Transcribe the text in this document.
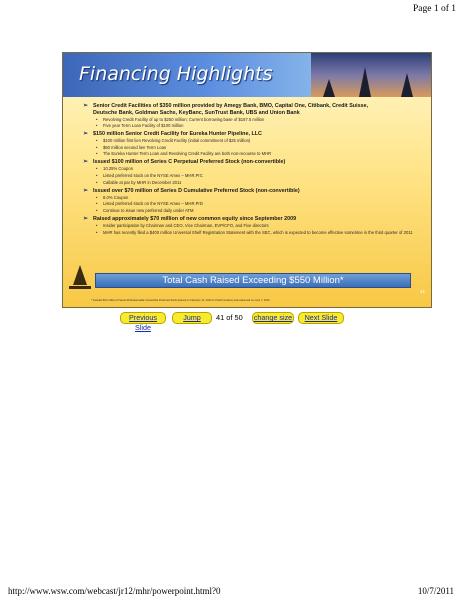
Page 1 of 1
Financing Highlights
➢ Senior Credit Facilities of $350 million provided by Amegy Bank, BMO, Capital One, Citibank, Credit Suisse,
Deutsche Bank, Goldman Sachs, KeyBanc, SunTrust Bank, UBS and Union Bank
• Revolving Credit Facility of up to $250 million; Current borrowing base of $167.5 million
• Five year Term Loan Facility of $100 million
➢ $150 million Senior Credit Facility for Eureka Hunter Pipeline, LLC
• $100 million first lien Revolving Credit Facility (initial commitment of $25 million)
• $50 million second lien Term Loan
• The Eureka Hunter Term Loan and Revolving Credit Facility are both non-recourse to MHR
➢ Issued $100 million of Series C Perpetual Preferred Stock (non-convertible)
• 10.25% Coupon
• Listed preferred stock on the NYSE Amex – MHR.PrC
• Callable at par by MHR in December 2011
➢ Issued over $70 million of Series D Cumulative Preferred Stock (non-convertible)
• 8.0% Coupon
• Listed preferred stock on the NYSE Amex – MHR.PrD
• Continue to issue new preferred daily under ATM
➢ Raised approximately $70 million of new common equity since September 2009
• Insider participation by Chairman and CEO, Vice Chairman, EVP/CFO, and Five directors
• MHR has recently filed a $400 million Universal Shelf Registration Statement with the SEC, which is expected to become effective sometime in the third quarter of 2011
Total Cash Raised Exceeding $550 Million*
41
* Includes $10 million of Series B Redeemable Convertible Preferred Stock (issued on February 12, 2010 to Triad's lenders) and redeemed on June 7, 2010
Previous Slide
Jump	41 of 50 change size	Next Slide
http://www.wsw.com/webcast/jr12/mhr/powerpoint.html?0	10/7/2011
